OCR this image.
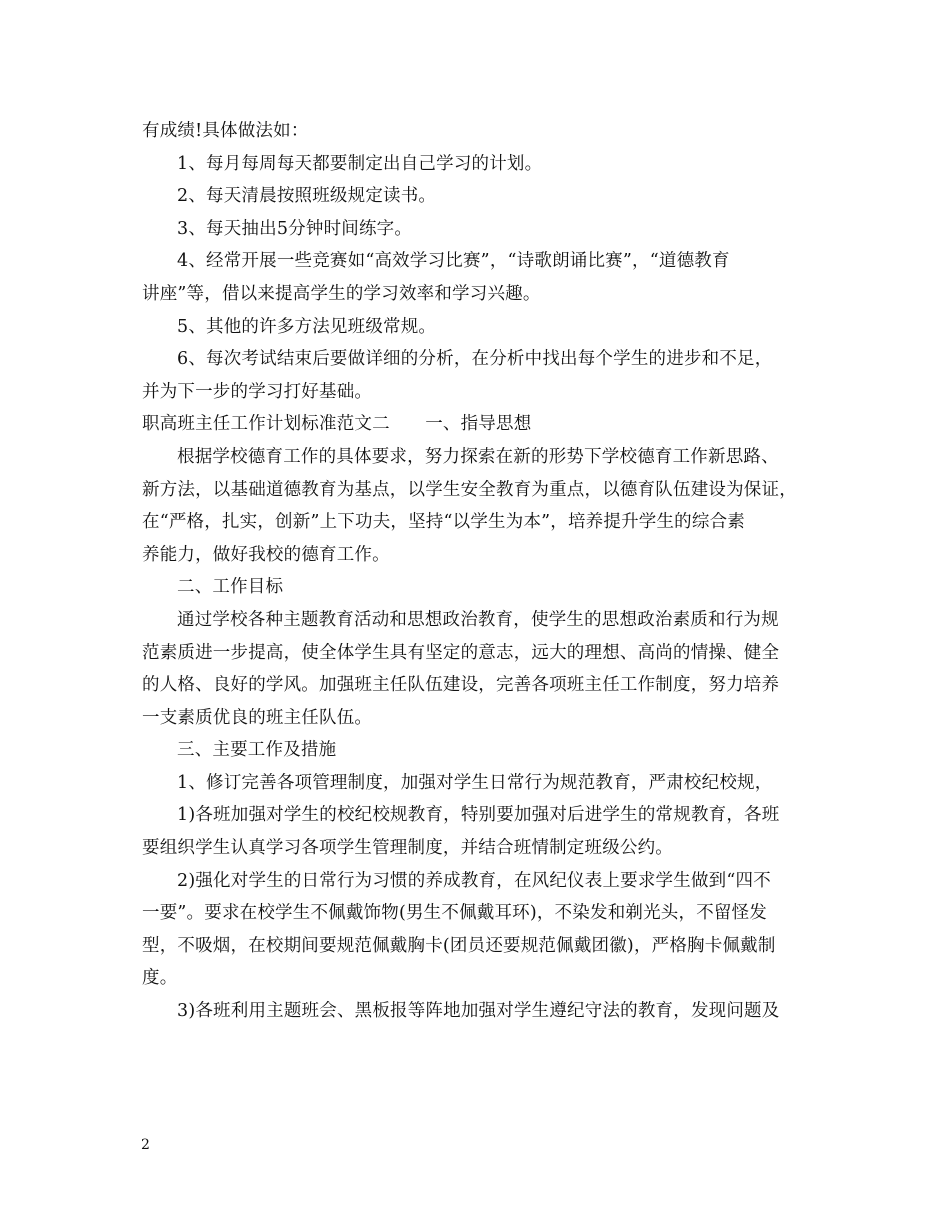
有成绩!具体做法如：

1、每月每周每天都要制定出自己学习的计划。

2、每天清晨按照班级规定读书。

3、每天抽出5分钟时间练字。

4、经常开展一些竞赛如“高效学习比赛”，“诗歌朗诵比赛”，“道德教育

讲座”等，借以来提高学生的学习效率和学习兴趣。

5、其他的许多方法见班级常规。

6、每次考试结束后要做详细的分析，在分析中找出每个学生的进步和不足，

并为下一步的学习打好基础。

职高班主任工作计划标准范文二　　一、指导思想

根据学校德育工作的具体要求，努力探索在新的形势下学校德育工作新思路、

新方法，以基础道德教育为基点，以学生安全教育为重点，以德育队伍建设为保证，

在“严格，扎实，创新”上下功夫，坚持“以学生为本”，培养提升学生的综合素

养能力，做好我校的德育工作。

二、工作目标

通过学校各种主题教育活动和思想政治教育，使学生的思想政治素质和行为规

范素质进一步提高，使全体学生具有坚定的意志，远大的理想、高尚的情操、健全

的人格、良好的学风。加强班主任队伍建设，完善各项班主任工作制度，努力培养

一支素质优良的班主任队伍。

三、主要工作及措施

1、修订完善各项管理制度，加强对学生日常行为规范教育，严肃校纪校规，

1)各班加强对学生的校纪校规教育，特别要加强对后进学生的常规教育，各班

要组织学生认真学习各项学生管理制度，并结合班情制定班级公约。

2)强化对学生的日常行为习惯的养成教育，在风纪仪表上要求学生做到“四不

一要”。要求在校学生不佩戴饰物(男生不佩戴耳环)，不染发和剃光头，不留怪发

型，不吸烟，在校期间要规范佩戴胸卡(团员还要规范佩戴团徽)，严格胸卡佩戴制

度。

3)各班利用主题班会、黑板报等阵地加强对学生遵纪守法的教育，发现问题及

2
